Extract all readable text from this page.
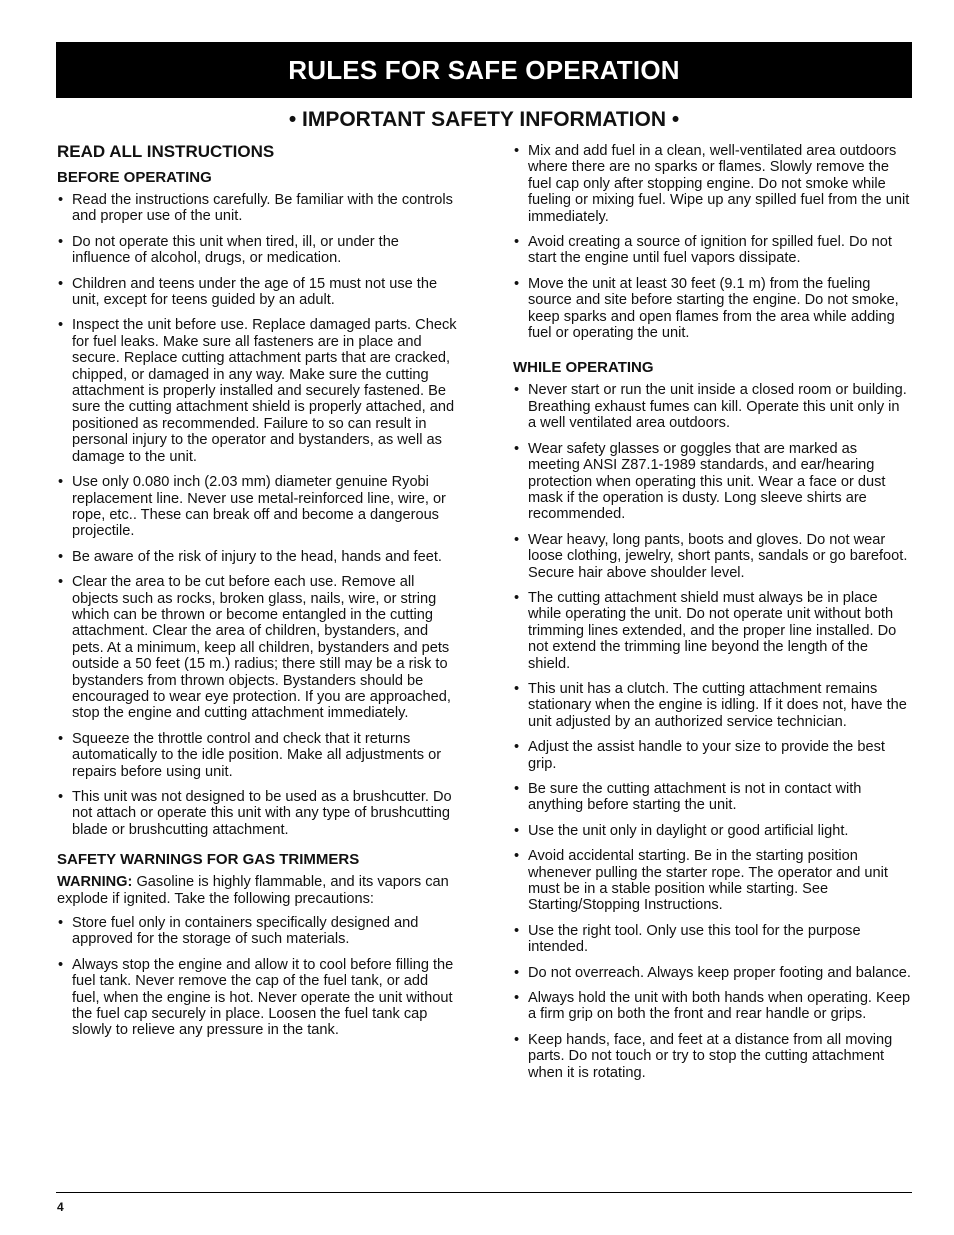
RULES FOR SAFE OPERATION
• IMPORTANT SAFETY INFORMATION •
READ ALL INSTRUCTIONS
BEFORE OPERATING
• Read the instructions carefully. Be familiar with the controls and proper use of the unit.
• Do not operate this unit when tired, ill, or under the influence of alcohol, drugs, or medication.
• Children and teens under the age of 15 must not use the unit, except for teens guided by an adult.
• Inspect the unit before use. Replace damaged parts. Check for fuel leaks. Make sure all fasteners are in place and secure. Replace cutting attachment parts that are cracked, chipped, or damaged in any way. Make sure the cutting attachment is properly installed and securely fastened. Be sure the cutting attachment shield is properly attached, and positioned as recommended. Failure to so can result in personal injury to the operator and bystanders, as well as damage to the unit.
• Use only 0.080 inch (2.03 mm) diameter genuine Ryobi replacement line. Never use metal-reinforced line, wire, or rope, etc.. These can break off and become a dangerous projectile.
• Be aware of the risk of injury to the head, hands and feet.
• Clear the area to be cut before each use. Remove all objects such as rocks, broken glass, nails, wire, or string which can be thrown or become entangled in the cutting attachment. Clear the area of children, bystanders, and pets. At a minimum, keep all children, bystanders and pets outside a 50 feet (15 m.) radius; there still may be a risk to bystanders from thrown objects. Bystanders should be encouraged to wear eye protection. If you are approached, stop the engine and cutting attachment immediately.
• Squeeze the throttle control and check that it returns automatically to the idle position. Make all adjustments or repairs before using unit.
• This unit was not designed to be used as a brushcutter. Do not attach or operate this unit with any type of brushcutting blade or brushcutting attachment.
SAFETY WARNINGS FOR GAS TRIMMERS

WARNING: Gasoline is highly flammable, and its vapors can explode if ignited. Take the following precautions:

• Store fuel only in containers specifically designed and approved for the storage of such materials.
• Always stop the engine and allow it to cool before filling the fuel tank. Never remove the cap of the fuel tank, or add fuel, when the engine is hot. Never operate the unit without the fuel cap securely in place. Loosen the fuel tank cap slowly to relieve any pressure in the tank.
• Mix and add fuel in a clean, well-ventilated area outdoors where there are no sparks or flames. Slowly remove the fuel cap only after stopping engine. Do not smoke while fueling or mixing fuel. Wipe up any spilled fuel from the unit immediately.
• Avoid creating a source of ignition for spilled fuel. Do not start the engine until fuel vapors dissipate.
• Move the unit at least 30 feet (9.1 m) from the fueling source and site before starting the engine. Do not smoke, keep sparks and open flames from the area while adding fuel or operating the unit.
WHILE OPERATING
• Never start or run the unit inside a closed room or building. Breathing exhaust fumes can kill. Operate this unit only in a well ventilated area outdoors.
• Wear safety glasses or goggles that are marked as meeting ANSI Z87.1-1989 standards, and ear/hearing protection when operating this unit. Wear a face or dust mask if the operation is dusty. Long sleeve shirts are recommended.
• Wear heavy, long pants, boots and gloves. Do not wear loose clothing, jewelry, short pants, sandals or go barefoot. Secure hair above shoulder level.
• The cutting attachment shield must always be in place while operating the unit. Do not operate unit without both trimming lines extended, and the proper line installed. Do not extend the trimming line beyond the length of the shield.
• This unit has a clutch. The cutting attachment remains stationary when the engine is idling. If it does not, have the unit adjusted by an authorized service technician.
• Adjust the assist handle to your size to provide the best grip.
• Be sure the cutting attachment is not in contact with anything before starting the unit.
• Use the unit only in daylight or good artificial light.
• Avoid accidental starting. Be in the starting position whenever pulling the starter rope. The operator and unit must be in a stable position while starting. See Starting/Stopping Instructions.
• Use the right tool. Only use this tool for the purpose intended.
• Do not overreach. Always keep proper footing and balance.
• Always hold the unit with both hands when operating. Keep a firm grip on both the front and rear handle or grips.
• Keep hands, face, and feet at a distance from all moving parts. Do not touch or try to stop the cutting attachment when it is rotating.
4
